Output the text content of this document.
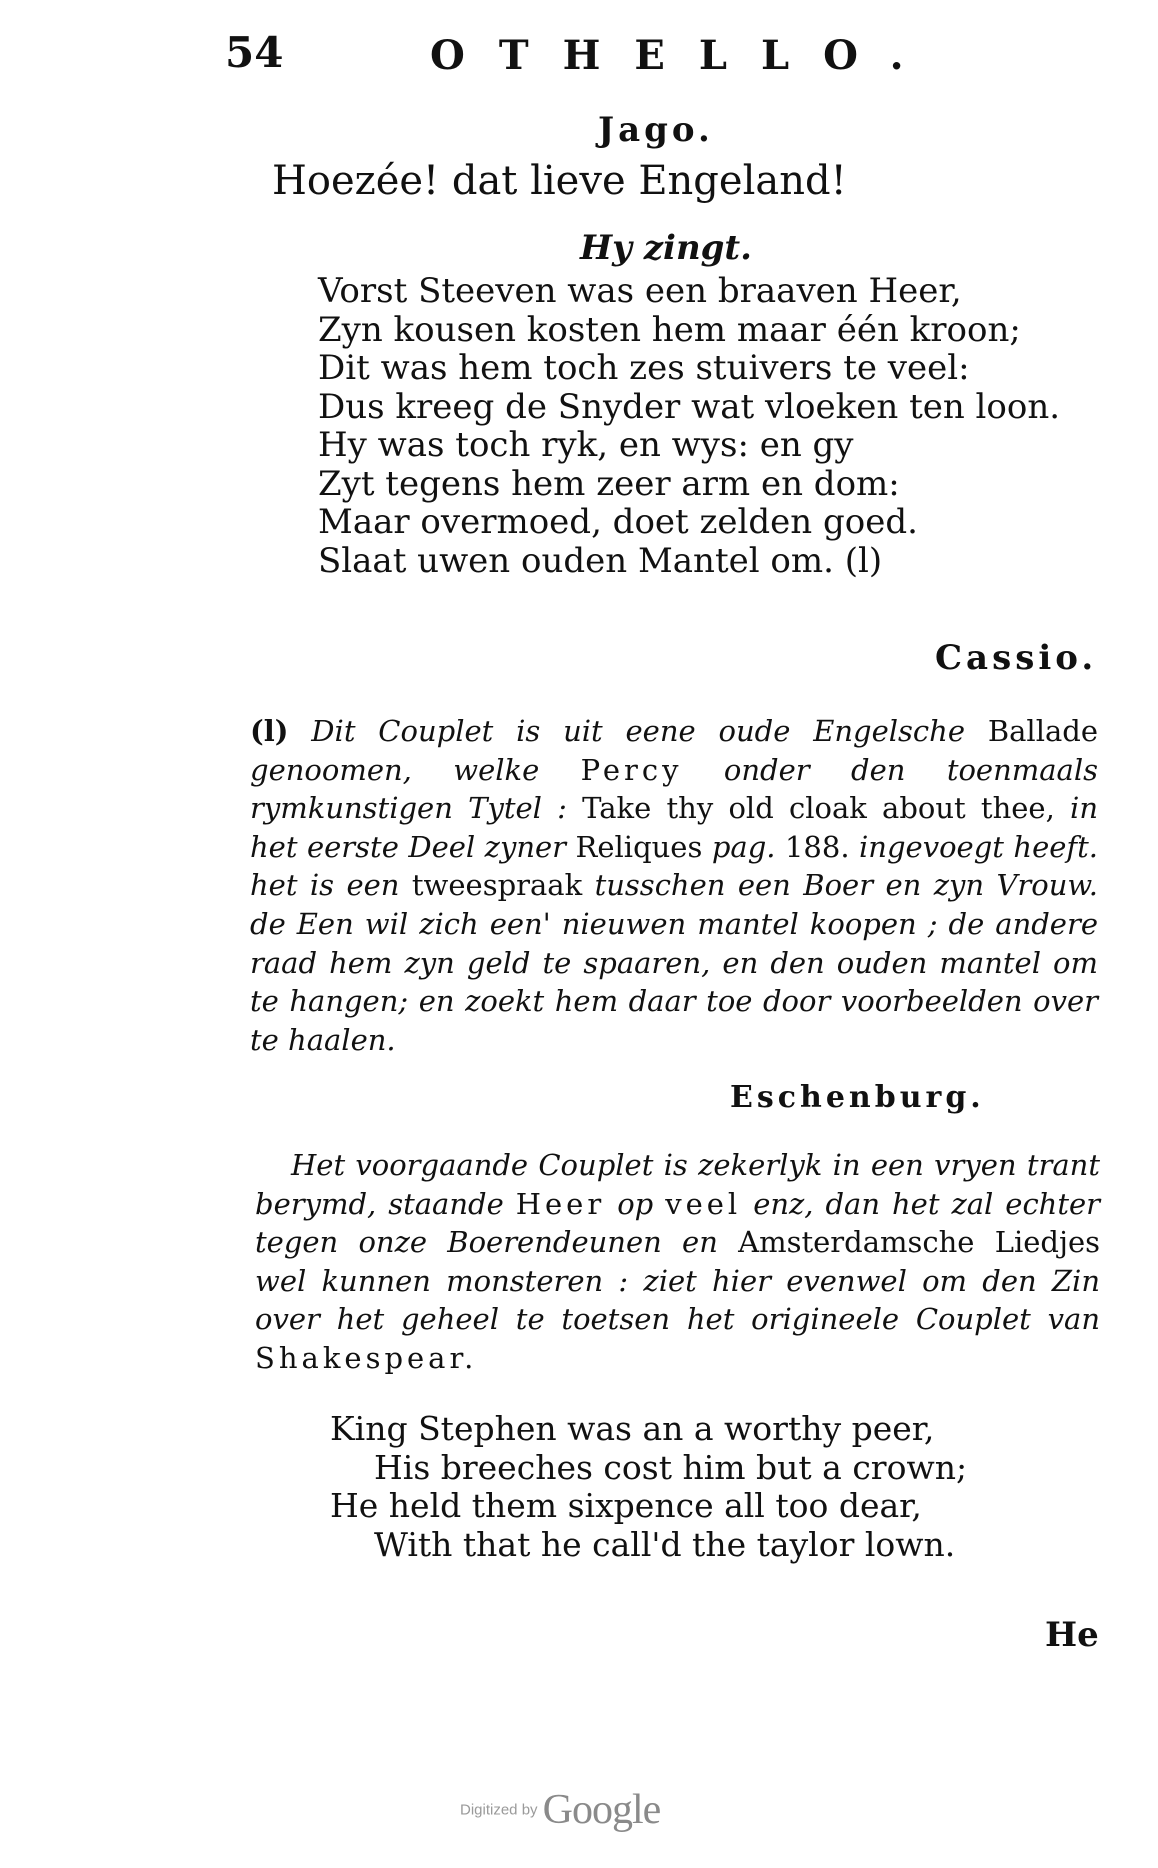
54	OTHELLO.
Jago.
Hoezée! dat lieve Engeland!
Hy zingt.
Vorst Steeven was een braaven Heer,
Zyn kousen kosten hem maar één kroon;
Dit was hem toch zes stuivers te veel:
Dus kreeg de Snyder wat vloeken ten loon.
Hy was toch ryk, en wys: en gy
Zyt tegens hem zeer arm en dom:
Maar overmoed, doet zelden goed.
Slaat uwen ouden Mantel om. (l)
Cassio.
(l) Dit Couplet is uit eene oude Engelsche Ballade genoomen, welke Percy onder den toenmaals rymkunstigen Tytel : Take thy old cloak about thee, in het eerste Deel zyner Reliques pag. 188. ingevoegt heeft. het is een tweespraak tusschen een Boer en zyn Vrouw. de Een wil zich een' nieuwen mantel koopen ; de andere raad hem zyn geld te spaaren, en den ouden mantel om te hangen; en zoekt hem daar toe door voorbeelden over te haalen.
Eschenburg.
Het voorgaande Couplet is zekerlyk in een vryen trant berymd, staande Heer op veel enz, dan het zal echter tegen onze Boerendeunen en Amsterdamsche Liedjes wel kunnen monsteren : ziet hier evenwel om den Zin over het geheel te toetsen het origineele Couplet van Shakespear.
King Stephen was an a worthy peer,
His breeches cost him but a crown;
He held them sixpence all too dear,
With that he call'd the taylor lown.
He
Digitized by Google
